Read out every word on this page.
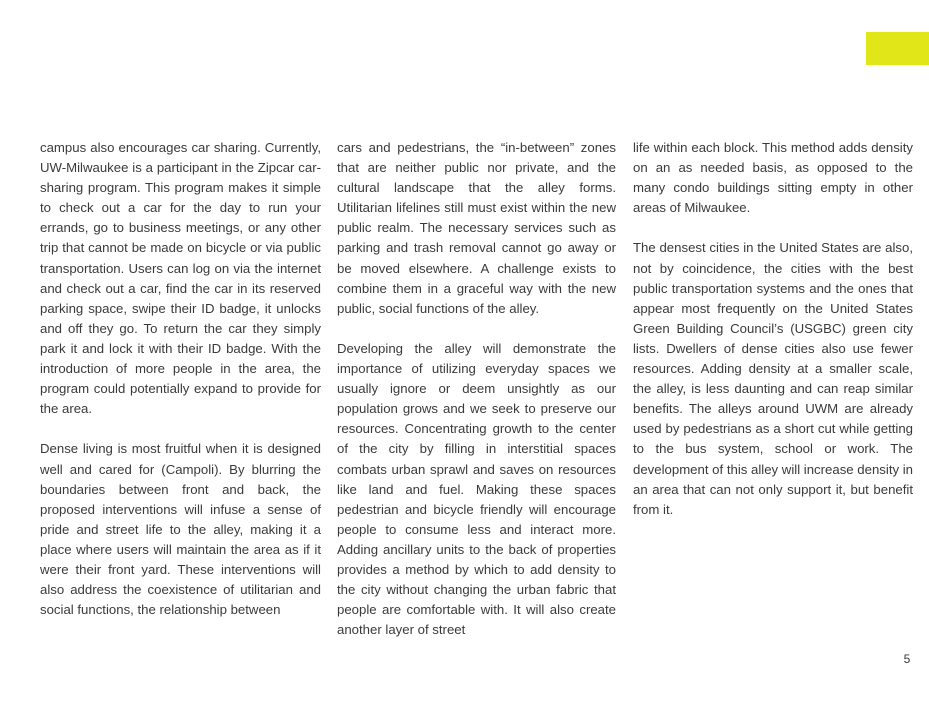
campus also encourages car sharing. Currently, UW-Milwaukee is a participant in the Zipcar car-sharing program. This program makes it simple to check out a car for the day to run your errands, go to business meetings, or any other trip that cannot be made on bicycle or via public transportation. Users can log on via the internet and check out a car, find the car in its reserved parking space, swipe their ID badge, it unlocks and off they go. To return the car they simply park it and lock it with their ID badge. With the introduction of more people in the area, the program could potentially expand to provide for the area.

Dense living is most fruitful when it is designed well and cared for (Campoli). By blurring the boundaries between front and back, the proposed interventions will infuse a sense of pride and street life to the alley, making it a place where users will maintain the area as if it were their front yard. These interventions will also address the coexistence of utilitarian and social functions, the relationship between

cars and pedestrians, the “in-between” zones that are neither public nor private, and the cultural landscape that the alley forms. Utilitarian lifelines still must exist within the new public realm. The necessary services such as parking and trash removal cannot go away or be moved elsewhere. A challenge exists to combine them in a graceful way with the new public, social functions of the alley.

Developing the alley will demonstrate the importance of utilizing everyday spaces we usually ignore or deem unsightly as our population grows and we seek to preserve our resources. Concentrating growth to the center of the city by filling in interstitial spaces combats urban sprawl and saves on resources like land and fuel. Making these spaces pedestrian and bicycle friendly will encourage people to consume less and interact more. Adding ancillary units to the back of properties provides a method by which to add density to the city without changing the urban fabric that people are comfortable with. It will also create another layer of street

life within each block. This method adds density on an as needed basis, as opposed to the many condo buildings sitting empty in other areas of Milwaukee.

The densest cities in the United States are also, not by coincidence, the cities with the best public transportation systems and the ones that appear most frequently on the United States Green Building Council’s (USGBC) green city lists. Dwellers of dense cities also use fewer resources. Adding density at a smaller scale, the alley, is less daunting and can reap similar benefits. The alleys around UWM are already used by pedestrians as a short cut while getting to the bus system, school or work. The development of this alley will increase density in an area that can not only support it, but benefit from it.

5
